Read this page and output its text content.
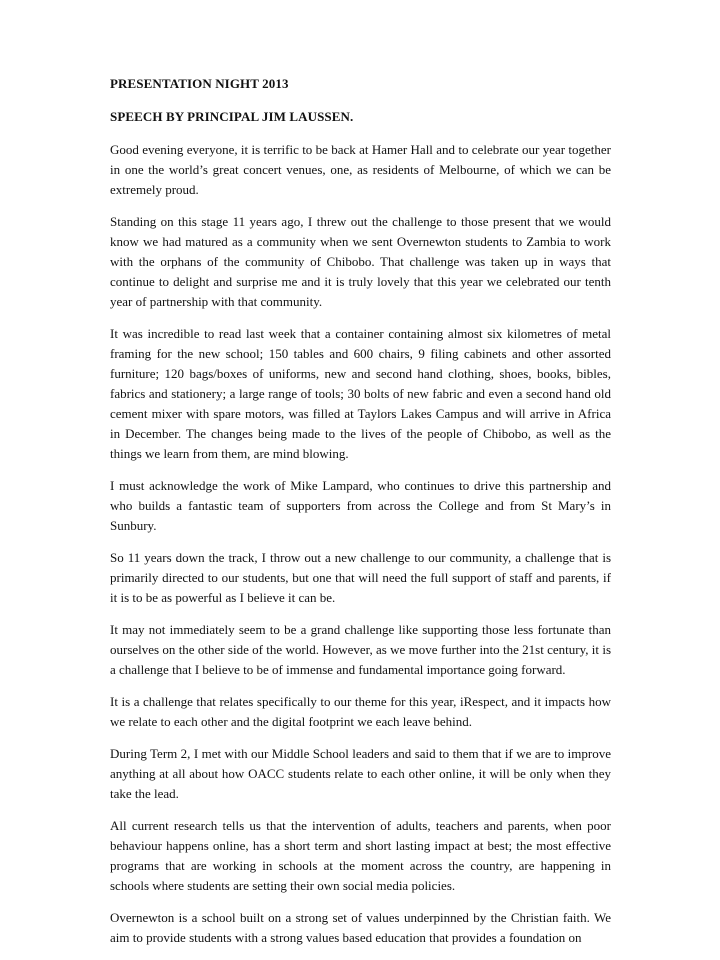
PRESENTATION NIGHT 2013
SPEECH BY PRINCIPAL JIM LAUSSEN.

Good evening everyone, it is terrific to be back at Hamer Hall and to celebrate our year together in one the world’s great concert venues, one, as residents of Melbourne, of which we can be extremely proud.

Standing on this stage 11 years ago, I threw out the challenge to those present that we would know we had matured as a community when we sent Overnewton students to Zambia to work with the orphans of the community of Chibobo. That challenge was taken up in ways that continue to delight and surprise me and it is truly lovely that this year we celebrated our tenth year of partnership with that community.

It was incredible to read last week that a container containing almost six kilometres of metal framing for the new school; 150 tables and 600 chairs, 9 filing cabinets and other assorted furniture; 120 bags/boxes of uniforms, new and second hand clothing, shoes, books, bibles, fabrics and stationery; a large range of tools; 30 bolts of new fabric and even a second hand old cement mixer with spare motors, was filled at Taylors Lakes Campus and will arrive in Africa in December. The changes being made to the lives of the people of Chibobo, as well as the things we learn from them, are mind blowing.

I must acknowledge the work of Mike Lampard, who continues to drive this partnership and who builds a fantastic team of supporters from across the College and from St Mary’s in Sunbury.

So 11 years down the track, I throw out a new challenge to our community, a challenge that is primarily directed to our students, but one that will need the full support of staff and parents, if it is to be as powerful as I believe it can be.

It may not immediately seem to be a grand challenge like supporting those less fortunate than ourselves on the other side of the world. However, as we move further into the 21st century, it is a challenge that I believe to be of immense and fundamental importance going forward.

It is a challenge that relates specifically to our theme for this year, iRespect, and it impacts how we relate to each other and the digital footprint we each leave behind.

During Term 2, I met with our Middle School leaders and said to them that if we are to improve anything at all about how OACC students relate to each other online, it will be only when they take the lead.

All current research tells us that the intervention of adults, teachers and parents, when poor behaviour happens online, has a short term and short lasting impact at best; the most effective programs that are working in schools at the moment across the country, are happening in schools where students are setting their own social media policies.

Overnewton is a school built on a strong set of values underpinned by the Christian faith. We aim to provide students with a strong values based education that provides a foundation on
